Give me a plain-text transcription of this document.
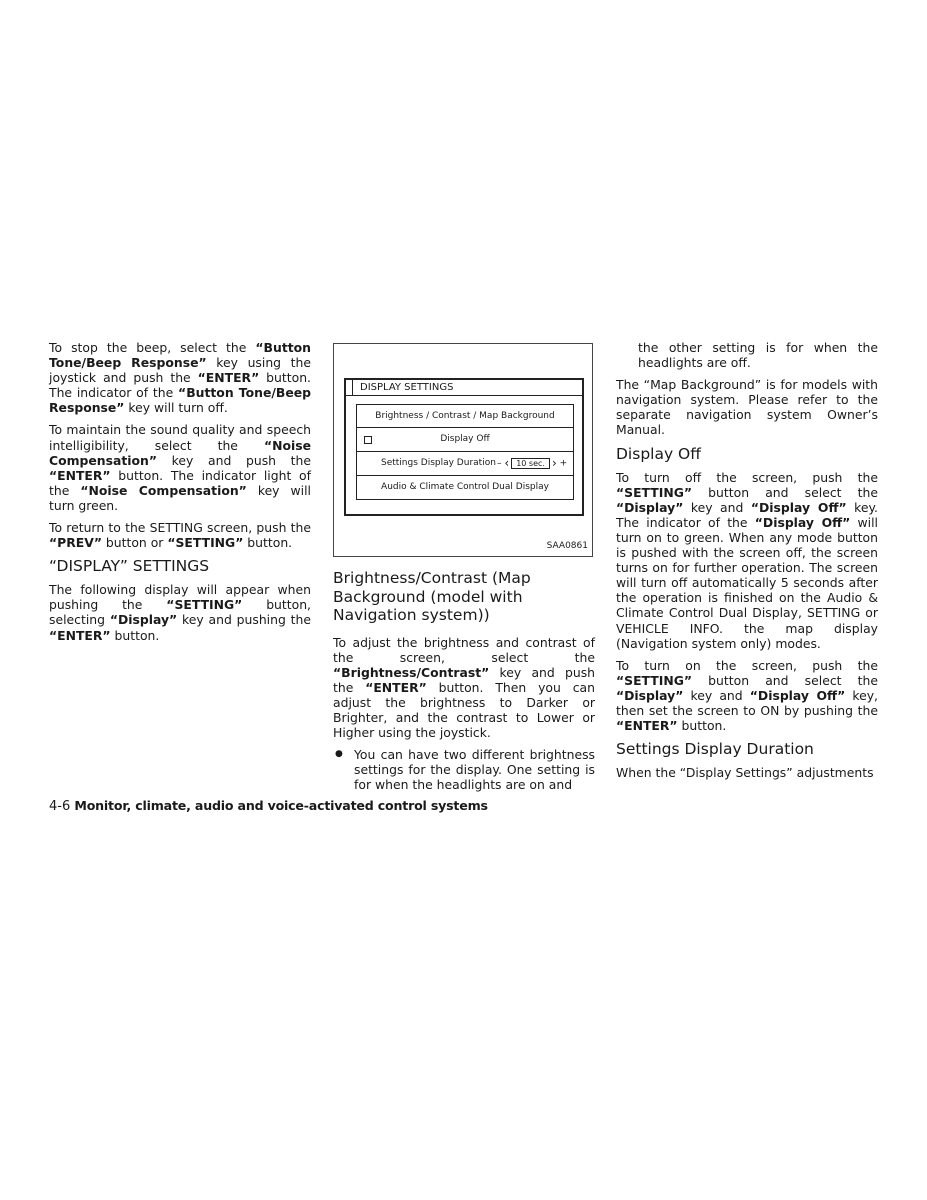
To stop the beep, select the “Button Tone/Beep Response” key using the joystick and push the “ENTER” button. The indicator of the “Button Tone/Beep Response” key will turn off.

To maintain the sound quality and speech intelligibility, select the “Noise Compensation” key and push the “ENTER” button. The indicator light of the “Noise Compensation” key will turn green.

To return to the SETTING screen, push the “PREV” button or “SETTING” button.

“DISPLAY” SETTINGS

The following display will appear when pushing the “SETTING” button, selecting “Display” key and pushing the “ENTER” button.

DISPLAY SETTINGS
Brightness / Contrast / Map Background
Display Off
Settings Display Duration – ‹ 10 sec. › +
Audio & Climate Control Dual Display
SAA0861
Brightness/Contrast (Map Background (model with Navigation system))

To adjust the brightness and contrast of the screen, select the “Brightness/Contrast” key and push the “ENTER” button. Then you can adjust the brightness to Darker or Brighter, and the contrast to Lower or Higher using the joystick.

● You can have two different brightness settings for the display. One setting is for when the headlights are on and

the other setting is for when the headlights are off.

The “Map Background” is for models with navigation system. Please refer to the separate navigation system Owner’s Manual.

Display Off

To turn off the screen, push the “SETTING” button and select the “Display” key and “Display Off” key. The indicator of the “Display Off” will turn on to green. When any mode button is pushed with the screen off, the screen turns on for further operation. The screen will turn off automatically 5 seconds after the operation is finished on the Audio & Climate Control Dual Display, SETTING or VEHICLE INFO. the map display (Navigation system only) modes.

To turn on the screen, push the “SETTING” button and select the “Display” key and “Display Off” key, then set the screen to ON by pushing the “ENTER” button.

Settings Display Duration

When the “Display Settings” adjustments

4-6 Monitor, climate, audio and voice-activated control systems
